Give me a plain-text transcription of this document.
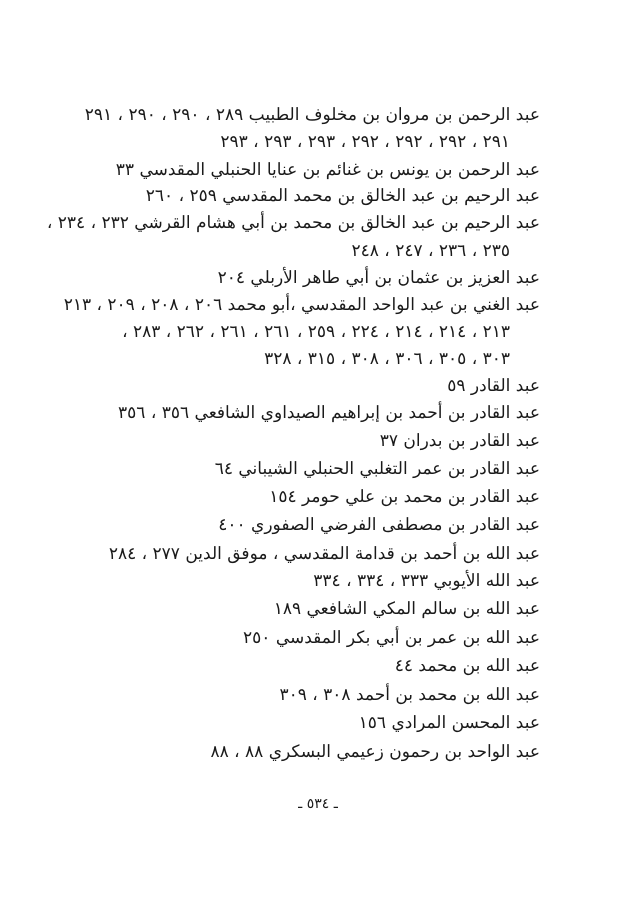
عبد الرحمن بن مروان بن مخلوف الطبيب ٢٨٩ ، ٢٩٠ ، ٢٩٠ ، ٢٩١
٢٩١ ، ٢٩٢ ، ٢٩٢ ، ٢٩٢ ، ٢٩٣ ، ٢٩٣ ، ٢٩٣
عبد الرحمن بن يونس بن غنائم بن عنايا الحنبلي المقدسي ٣٣
عبد الرحيم بن عبد الخالق بن محمد المقدسي ٢٥٩ ، ٢٦٠
عبد الرحيم بن عبد الخالق بن محمد بن أبي هشام القرشي ٢٣٢ ، ٢٣٤ ،
٢٣٥ ، ٢٣٦ ، ٢٤٧ ، ٢٤٨
عبد العزيز بن عثمان بن أبي طاهر الأربلي ٢٠٤
عبد الغني بن عبد الواحد المقدسي ،أبو محمد ٢٠٦ ، ٢٠٨ ، ٢٠٩ ، ٢١٣
٢١٣ ، ٢١٤ ، ٢١٤ ، ٢٢٤ ، ٢٥٩ ، ٢٦١ ، ٢٦١ ، ٢٦٢ ، ٢٨٣ ،
٣٠٣ ، ٣٠٥ ، ٣٠٦ ، ٣٠٨ ، ٣١٥ ، ٣٢٨
عبد القادر ٥٩
عبد القادر بن أحمد بن إبراهيم الصيداوي الشافعي ٣٥٦ ، ٣٥٦
عبد القادر بن بدران ٣٧
عبد القادر بن عمر التغلبي الحنبلي الشيباني ٦٤
عبد القادر بن محمد بن علي حومر ١٥٤
عبد القادر بن مصطفى الفرضي الصفوري ٤٠٠
عبد الله بن أحمد بن قدامة المقدسي ، موفق الدين ٢٧٧ ، ٢٨٤
عبد الله الأيوبي ٣٣٣ ، ٣٣٤ ، ٣٣٤
عبد الله بن سالم المكي الشافعي ١٨٩
عبد الله بن عمر بن أبي بكر المقدسي ٢٥٠
عبد الله بن محمد ٤٤
عبد الله بن محمد بن أحمد ٣٠٨ ، ٣٠٩
عبد المحسن المرادي ١٥٦
عبد الواحد بن رحمون زعيمي البسكري ٨٨ ، ٨٨
ـ ٥٣٤ ـ
